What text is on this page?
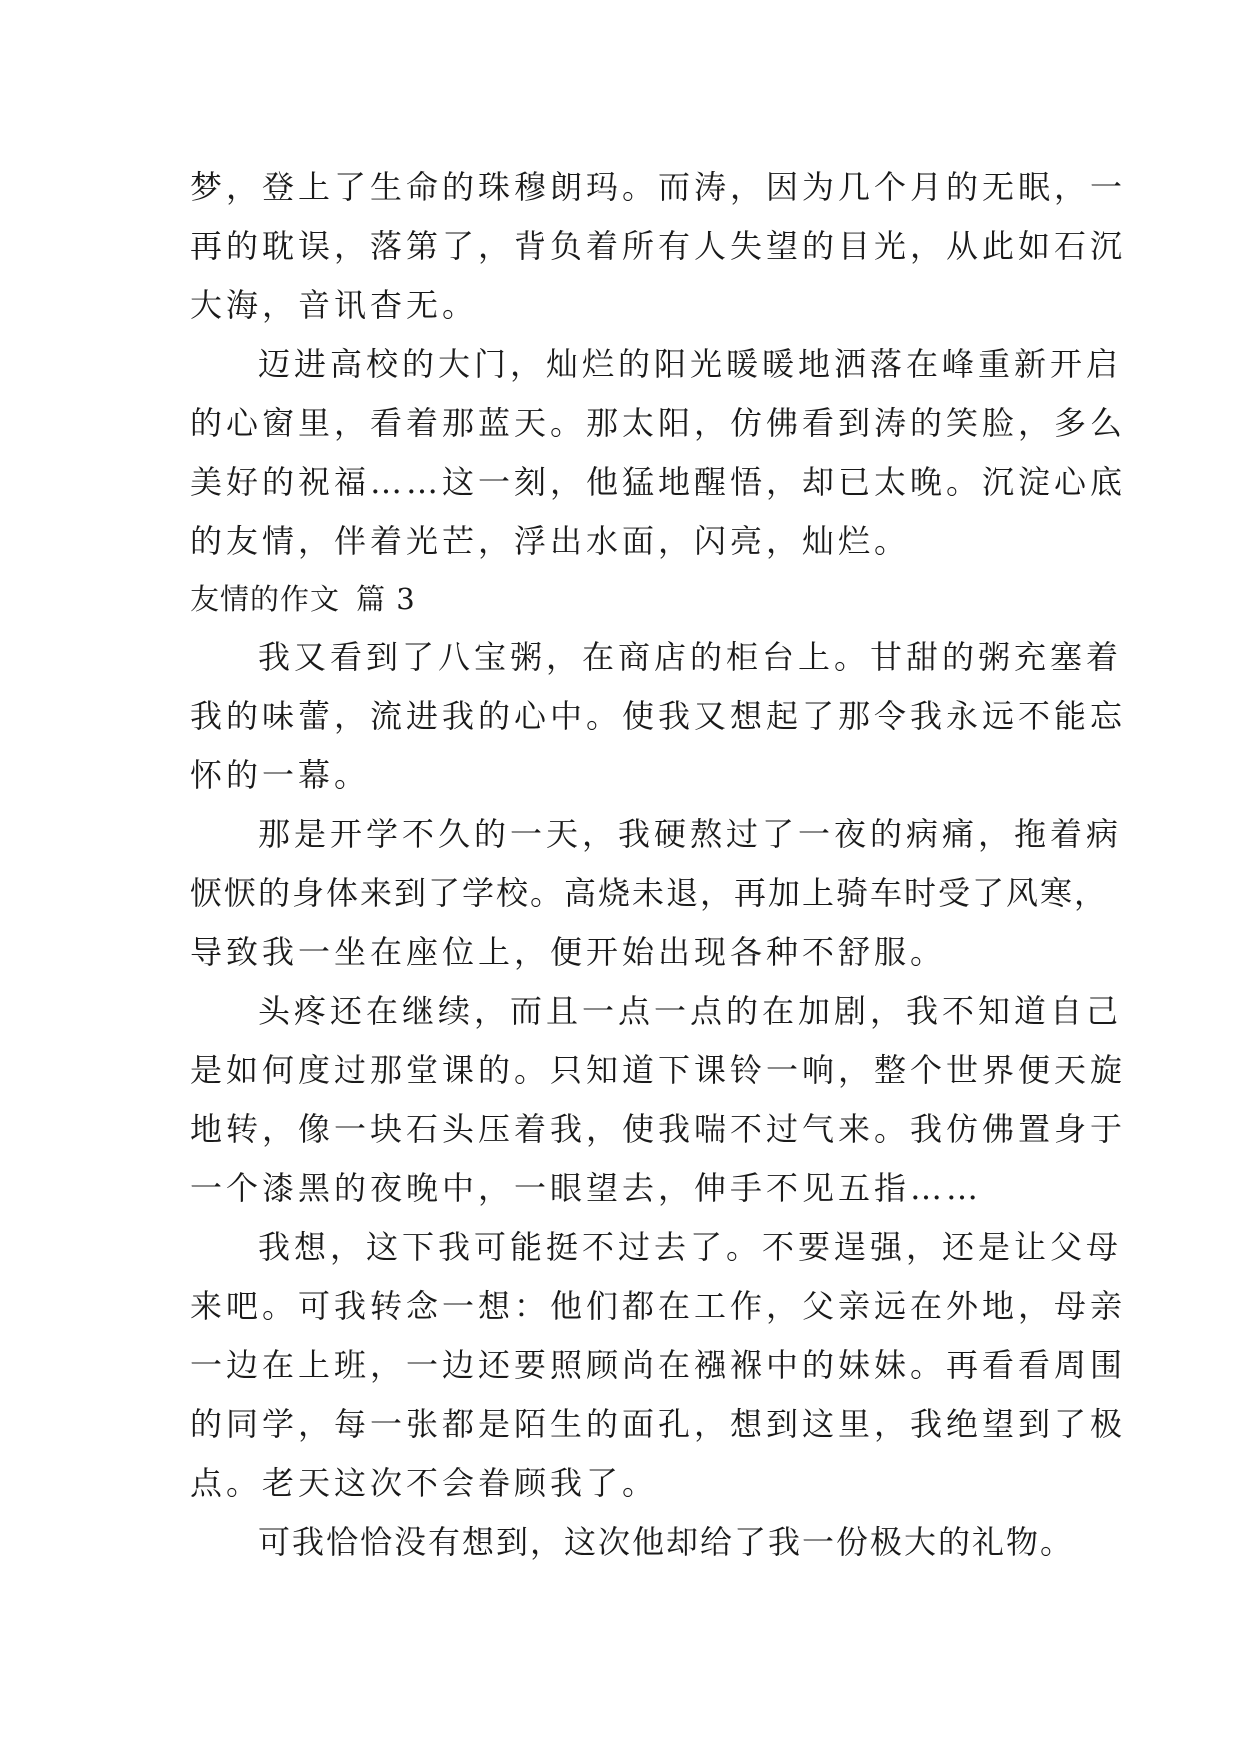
梦，登上了生命的珠穆朗玛。而涛，因为几个月的无眠，一
再的耽误，落第了，背负着所有人失望的目光，从此如石沉
大海，音讯杳无。
迈进高校的大门，灿烂的阳光暖暖地洒落在峰重新开启
的心窗里，看着那蓝天。那太阳，仿佛看到涛的笑脸，多么
美好的祝福……这一刻，他猛地醒悟，却已太晚。沉淀心底
的友情，伴着光芒，浮出水面，闪亮，灿烂。
友情的作文 篇 3
我又看到了八宝粥，在商店的柜台上。甘甜的粥充塞着
我的味蕾，流进我的心中。使我又想起了那令我永远不能忘
怀的一幕。
那是开学不久的一天，我硬熬过了一夜的病痛，拖着病
恹恹的身体来到了学校。高烧未退，再加上骑车时受了风寒，
导致我一坐在座位上，便开始出现各种不舒服。
头疼还在继续，而且一点一点的在加剧，我不知道自己
是如何度过那堂课的。只知道下课铃一响，整个世界便天旋
地转，像一块石头压着我，使我喘不过气来。我仿佛置身于
一个漆黑的夜晚中，一眼望去，伸手不见五指……
我想，这下我可能挺不过去了。不要逞强，还是让父母
来吧。可我转念一想：他们都在工作，父亲远在外地，母亲
一边在上班，一边还要照顾尚在襁褓中的妹妹。再看看周围
的同学，每一张都是陌生的面孔，想到这里，我绝望到了极
点。老天这次不会眷顾我了。
可我恰恰没有想到，这次他却给了我一份极大的礼物。
